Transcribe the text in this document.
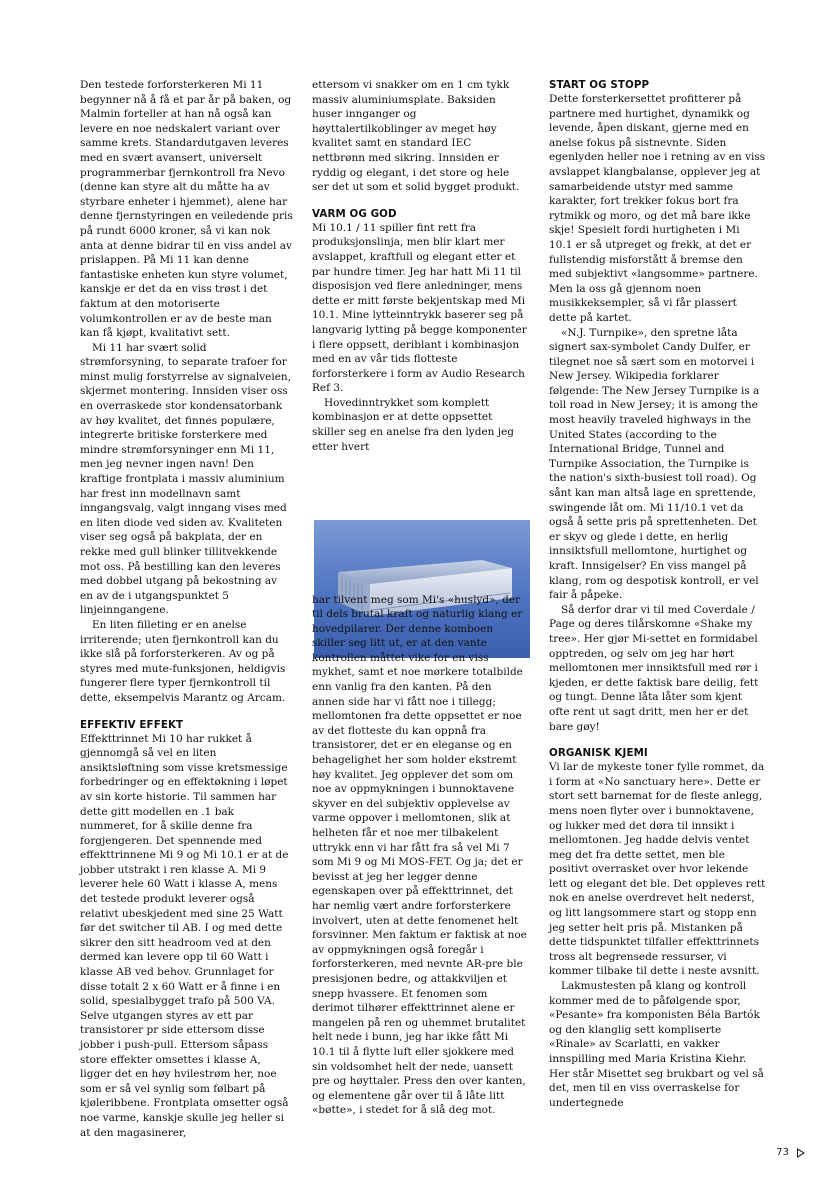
Den testede forforsterkeren Mi 11 begynner nå å få et par år på baken, og Malmin forteller at han nå også kan levere en noe nedskalert variant over samme krets. Standardutgaven leveres med en svært avansert, universelt programmerbar fjernkontroll fra Nevo (denne kan styre alt du måtte ha av styrbare enheter i hjemmet), alene har denne fjernstyringen en veiledende pris på rundt 6000 kroner, så vi kan nok anta at denne bidrar til en viss andel av prislappen. På Mi 11 kan denne fantastiske enheten kun styre volumet, kanskje er det da en viss trøst i det faktum at den motoriserte volumkontrollen er av de beste man kan få kjøpt, kvalitativt sett.

Mi 11 har svært solid strømforsyning, to separate trafoer for minst mulig forstyrrelse av signalveien, skjermet montering. Innsiden viser oss en overraskede stor kondensatorbank av høy kvalitet, det finnes populære, integrerte britiske forsterkere med mindre strømforsyninger enn Mi 11, men jeg nevner ingen navn! Den kraftige frontplata i massiv aluminium har frest inn modellnavn samt inngangsvalg, valgt inngang vises med en liten diode ved siden av. Kvaliteten viser seg også på bakplata, der en rekke med gull blinker tillitvekkende mot oss. På bestilling kan den leveres med dobbel utgang på bekostning av en av de i utgangspunktet 5 linjeinngangene.

En liten filleting er en anelse irriterende; uten fjernkontroll kan du ikke slå på forforsterkeren. Av og på styres med mute-funksjonen, heldigvis fungerer flere typer fjernkontroll til dette, eksempelvis Marantz og Arcam.

EFFEKTIV EFFEKT

Effekttrinnet Mi 10 har rukket å gjennomgå så vel en liten ansiktsløftning som visse kretsmessige forbedringer og en effektøkning i løpet av sin korte historie. Til sammen har dette gitt modellen en .1 bak nummeret, for å skille denne fra forgjengeren. Det spennende med effekttrinnene Mi 9 og Mi 10.1 er at de jobber utstrakt i ren klasse A. Mi 9 leverer hele 60 Watt i klasse A, mens det testede produkt leverer også relativt ubeskjedent med sine 25 Watt før det switcher til AB. I og med dette sikrer den sitt headroom ved at den dermed kan levere opp til 60 Watt i klasse AB ved behov. Grunnlaget for disse totalt 2 x 60 Watt er å finne i en solid, spesialbygget trafo på 500 VA. Selve utgangen styres av ett par transistorer pr side ettersom disse jobber i push-pull. Ettersom såpass store effekter omsettes i klasse A, ligger det en høy hvilestrøm her, noe som er så vel synlig som følbart på kjøleribbene. Frontplata omsetter også noe varme, kanskje skulle jeg heller si at den magasinerer,

ettersom vi snakker om en 1 cm tykk massiv aluminiumsplate. Baksiden huser innganger og høyttalertilkoblinger av meget høy kvalitet samt en standard IEC nettbrønn med sikring. Innsiden er ryddig og elegant, i det store og hele ser det ut som et solid bygget produkt.

VARM OG GOD

Mi 10.1 / 11 spiller fint rett fra produksjonslinja, men blir klart mer avslappet, kraftfull og elegant etter et par hundre timer. Jeg har hatt Mi 11 til disposisjon ved flere anledninger, mens dette er mitt første bekjentskap med Mi 10.1. Mine lytteinntrykk baserer seg på langvarig lytting på begge komponenter i flere oppsett, deriblant i kombinasjon med en av vår tids flotteste forforsterkere i form av Audio Research Ref 3.

Hovedinntrykket som komplett kombinasjon er at dette oppsettet skiller seg en anelse fra den lyden jeg etter hvert

har tilvent meg som Mi's «huslyd», der til dels brutal kraft og naturlig klang er hovedpilarer. Der denne komboen skiller seg litt ut, er at den vante kontrollen måttet vike for en viss mykhet, samt et noe mørkere totalbilde enn vanlig fra den kanten. På den annen side har vi fått noe i tillegg; mellomtonen fra dette oppsettet er noe av det flotteste du kan oppnå fra transistorer, det er en eleganse og en behagelighet her som holder ekstremt høy kvalitet. Jeg opplever det som om noe av oppmykningen i bunnoktavene skyver en del subjektiv opplevelse av varme oppover i mellomtonen, slik at helheten får et noe mer tilbakelent uttrykk enn vi har fått fra så vel Mi 7 som Mi 9 og Mi MOS-FET. Og ja; det er bevisst at jeg her legger denne egenskapen over på effekttrinnet, det har nemlig vært andre forforsterkere involvert, uten at dette fenomenet helt forsvinner. Men faktum er faktisk at noe av oppmykningen også foregår i forforsterkeren, med nevnte AR-pre ble presisjonen bedre, og attakkviljen et snepp hvassere. Et fenomen som derimot tilhører effekttrinnet alene er mangelen på ren og uhemmet brutalitet helt nede i bunn, jeg har ikke fått Mi 10.1 til å flytte luft eller sjokkere med sin voldsomhet helt der nede, uansett pre og høyttaler. Press den over kanten, og elementene går over til å låte litt «bøtte», i stedet for å slå deg mot.

START OG STOPP

Dette forsterkersettet profitterer på partnere med hurtighet, dynamikk og levende, åpen diskant, gjerne med en anelse fokus på sistnevnte. Siden egenlyden heller noe i retning av en viss avslappet klangbalanse, opplever jeg at samarbeidende utstyr med samme karakter, fort trekker fokus bort fra rytmikk og moro, og det må bare ikke skje! Spesielt fordi hurtigheten i Mi 10.1 er så utpreget og frekk, at det er fullstendig misforstått å bremse den med subjektivt «langsomme» partnere. Men la oss gå gjennom noen musikkeksempler, så vi får plassert dette på kartet.

«N.J. Turnpike», den spretne låta signert sax-symbolet Candy Dulfer, er tilegnet noe så sært som en motorvei i New Jersey. Wikipedia forklarer følgende: The New Jersey Turnpike is a toll road in New Jersey; it is among the most heavily traveled highways in the United States (according to the International Bridge, Tunnel and Turnpike Association, the Turnpike is the nation's sixth-busiest toll road). Og sånt kan man altså lage en sprettende, swingende låt om. Mi 11/10.1 vet da også å sette pris på sprettenheten. Det er skyv og glede i dette, en herlig innsiktsfull mellomtone, hurtighet og kraft. Innsigelser? En viss mangel på klang, rom og despotisk kontroll, er vel fair å påpeke.

Så derfor drar vi til med Coverdale / Page og deres tilårskomne «Shake my tree». Her gjør Mi-settet en formidabel opptreden, og selv om jeg har hørt mellomtonen mer innsiktsfull med rør i kjeden, er dette faktisk bare deilig, fett og tungt. Denne låta låter som kjent ofte rent ut sagt dritt, men her er det bare gøy!

ORGANISK KJEMI

Vi lar de mykeste toner fylle rommet, da i form at «No sanctuary here». Dette er stort sett barnemat for de fleste anlegg, mens noen flyter over i bunnoktavene, og lukker med det døra til innsikt i mellomtonen. Jeg hadde delvis ventet meg det fra dette settet, men ble positivt overrasket over hvor lekende lett og elegant det ble. Det oppleves rett nok en anelse overdrevet helt nederst, og litt langsommere start og stopp enn jeg setter helt pris på. Mistanken på dette tidspunktet tilfaller effekttrinnets tross alt begrensede ressurser, vi kommer tilbake til dette i neste avsnitt.

Lakmustesten på klang og kontroll kommer med de to påfølgende spor, «Pesante» fra komponisten Béla Bartók og den klanglig sett kompliserte «Rinale» av Scarlatti, en vakker innspilling med Maria Kristina Kiehr. Her står Misettet seg brukbart og vel så det, men til en viss overraskelse for undertegnede

73
